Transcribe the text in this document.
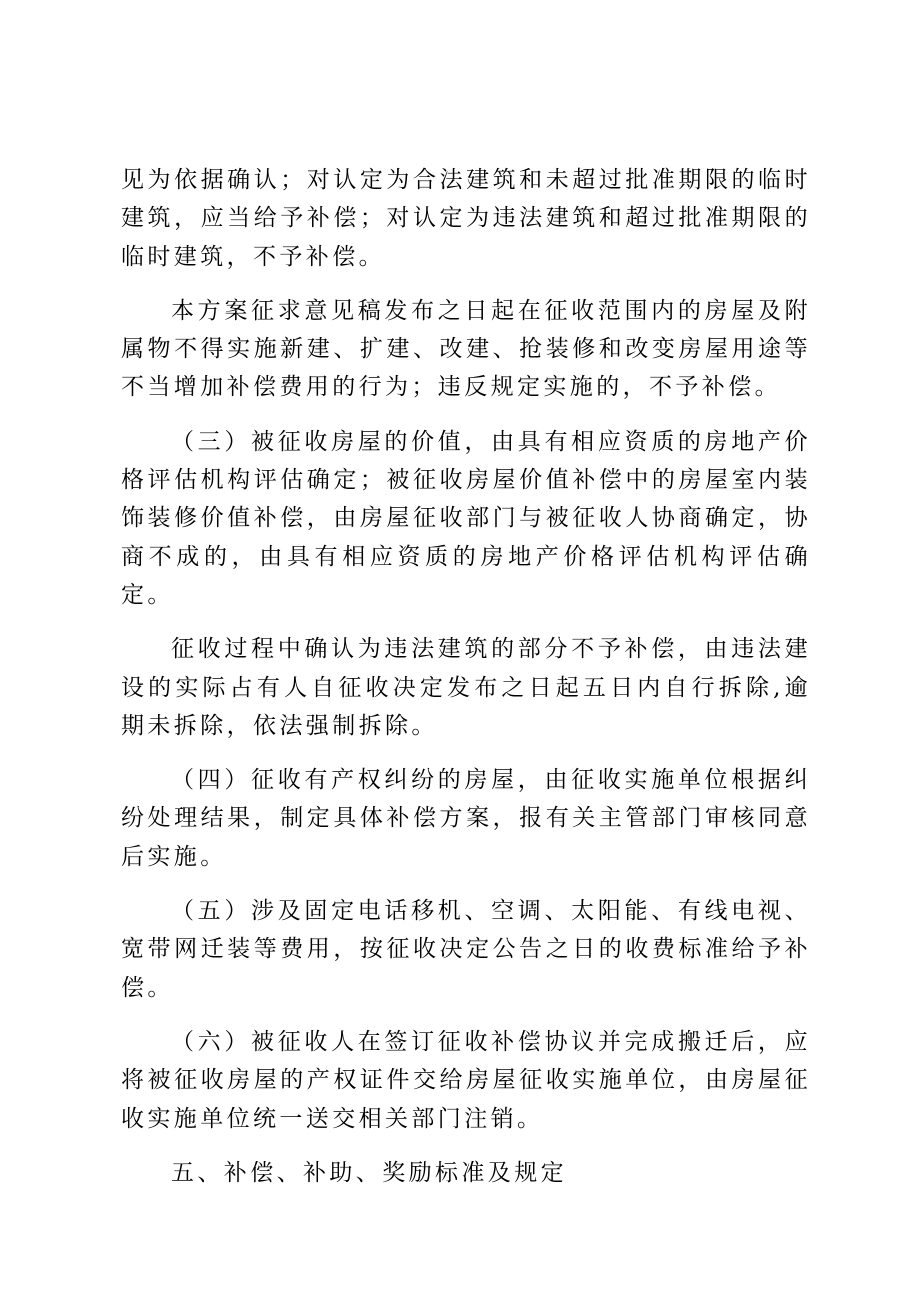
见为依据确认；对认定为合法建筑和未超过批准期限的临时建筑，应当给予补偿；对认定为违法建筑和超过批准期限的临时建筑，不予补偿。

本方案征求意见稿发布之日起在征收范围内的房屋及附属物不得实施新建、扩建、改建、抢装修和改变房屋用途等不当增加补偿费用的行为；违反规定实施的，不予补偿。

（三）被征收房屋的价值，由具有相应资质的房地产价格评估机构评估确定；被征收房屋价值补偿中的房屋室内装饰装修价值补偿，由房屋征收部门与被征收人协商确定，协商不成的，由具有相应资质的房地产价格评估机构评估确定。

征收过程中确认为违法建筑的部分不予补偿，由违法建设的实际占有人自征收决定发布之日起五日内自行拆除,逾期未拆除，依法强制拆除。

（四）征收有产权纠纷的房屋，由征收实施单位根据纠纷处理结果，制定具体补偿方案，报有关主管部门审核同意后实施。

（五）涉及固定电话移机、空调、太阳能、有线电视、宽带网迁装等费用，按征收决定公告之日的收费标准给予补偿。

（六）被征收人在签订征收补偿协议并完成搬迁后，应将被征收房屋的产权证件交给房屋征收实施单位，由房屋征收实施单位统一送交相关部门注销。

五、补偿、补助、奖励标准及规定
